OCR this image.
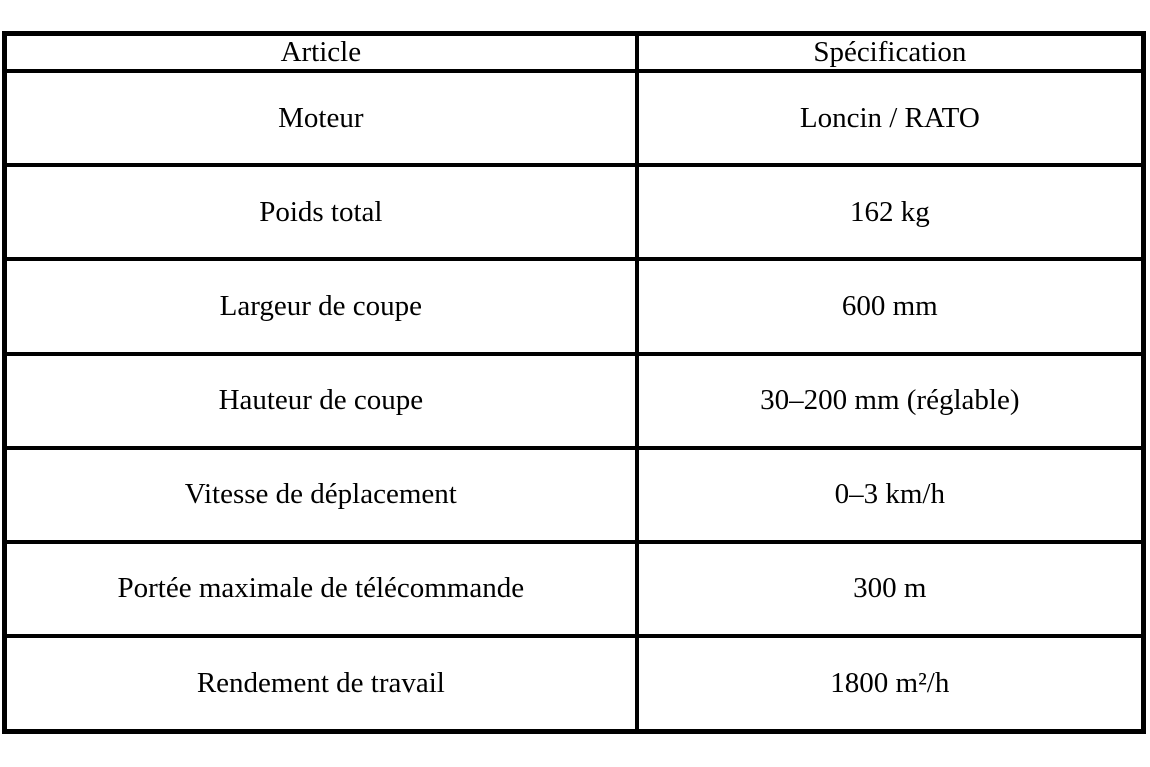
Article	Spécification
Moteur	Loncin / RATO
Poids total	162 kg
Largeur de coupe	600 mm
Hauteur de coupe	30–200 mm (réglable)
Vitesse de déplacement	0–3 km/h
Portée maximale de télécommande	300 m
Rendement de travail	1800 m²/h
